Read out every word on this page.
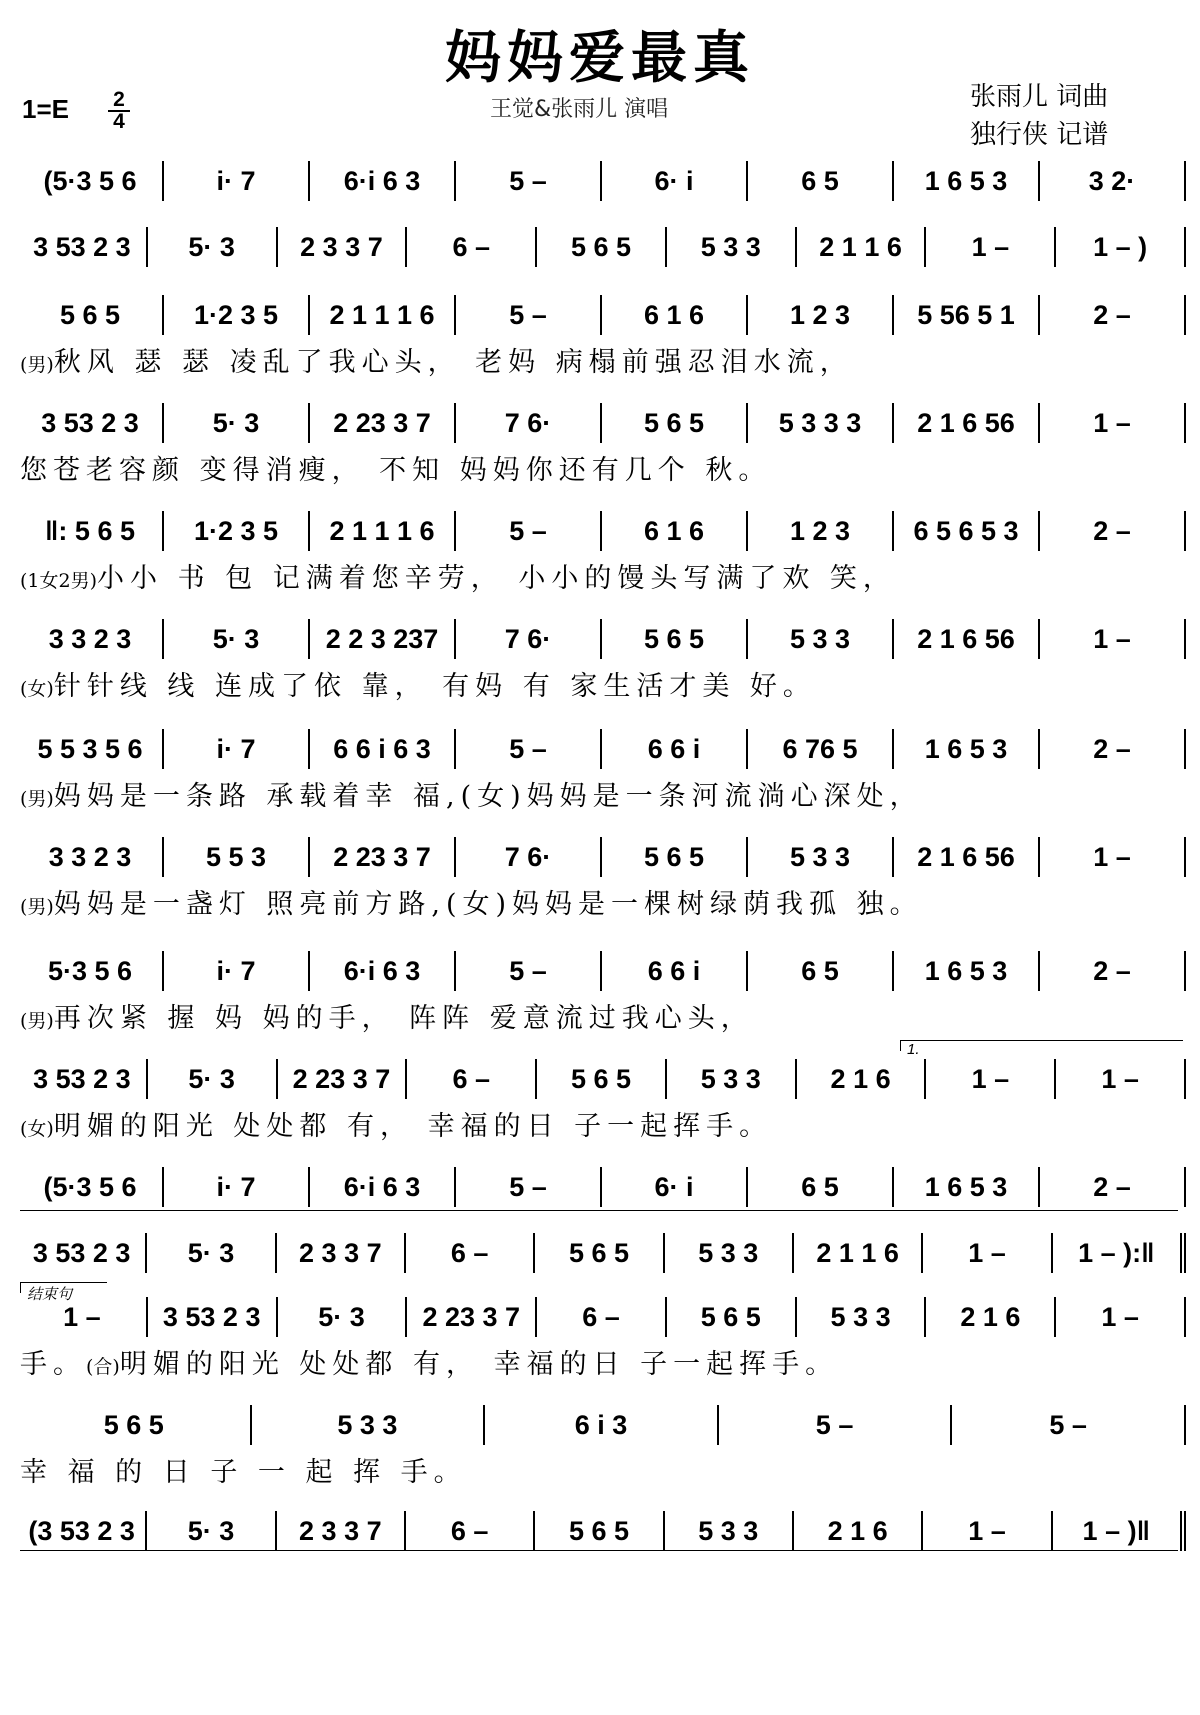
妈妈爱最真
1=E 2
4	王觉&张雨儿 演唱	张雨儿 词曲
独行侠 记谱
(5·3 5 6	i· 7	6·i 6 3	5 –	6· i	6 5	1 6 5 3	3 2·
3 53 2 3	5· 3	2 3 3 7	6 –	5 6 5	5 3 3	2 1 1 6	1 –	1 – )
5 6 5	1·2 3 5	2 1 1 1 6	5 –	6 1 6	1 2 3	5 56 5 1	2 –
(男)秋风 瑟 瑟 凌乱了我心头， 老妈 病榻前强忍泪水流，
3 53 2 3	5· 3	2 23 3 7	7 6·	5 6 5	5 3 3 3	2 1 6 56	1 –
您苍老容颜 变得消瘦， 不知 妈妈你还有几个 秋。
‖: 5 6 5	1·2 3 5	2 1 1 1 6	5 –	6 1 6	1 2 3	6 5 6 5 3	2 –
(1女2男)小小 书 包 记满着您辛劳， 小小的馒头写满了欢 笑，
3 3 2 3	5· 3	2 2 3 237	7 6·	5 6 5	5 3 3	2 1 6 56	1 –
(女)针针线 线 连成了依 靠， 有妈 有 家生活才美 好。
5 5 3 5 6	i· 7	6 6 i 6 3	5 –	6 6 i	6 76 5	1 6 5 3	2 –
(男)妈妈是一条路 承载着幸 福,(女)妈妈是一条河流淌心深处，
3 3 2 3	5 5 3	2 23 3 7	7 6·	5 6 5	5 3 3	2 1 6 56	1 –
(男)妈妈是一盏灯 照亮前方路,(女)妈妈是一棵树绿荫我孤 独。
5·3 5 6	i· 7	6·i 6 3	5 –	6 6 i	6 5	1 6 5 3	2 –
(男)再次紧 握 妈 妈的手， 阵阵 爱意流过我心头，
3 53 2 3	5· 3	2 23 3 7	6 –	5 6 5	5 3 3	2 1 6	1 –	1 –
1.
(女)明媚的阳光 处处都 有， 幸福的日 子一起挥手。
(5·3 5 6	i· 7	6·i 6 3	5 –	6· i	6 5	1 6 5 3	2 –
3 53 2 3	5· 3	2 3 3 7	6 –	5 6 5	5 3 3	2 1 1 6	1 –	1 – ):‖
1 –	3 53 2 3	5· 3	2 23 3 7	6 –	5 6 5	5 3 3	2 1 6	1 –
结束句
手。(合)明媚的阳光 处处都 有， 幸福的日 子一起挥手。
5 6 5	5 3 3	6 i 3	5 –	5 –
幸 福 的 日 子 一 起 挥 手。
(3 53 2 3	5· 3	2 3 3 7	6 –	5 6 5	5 3 3	2 1 6	1 –	1 – )‖
